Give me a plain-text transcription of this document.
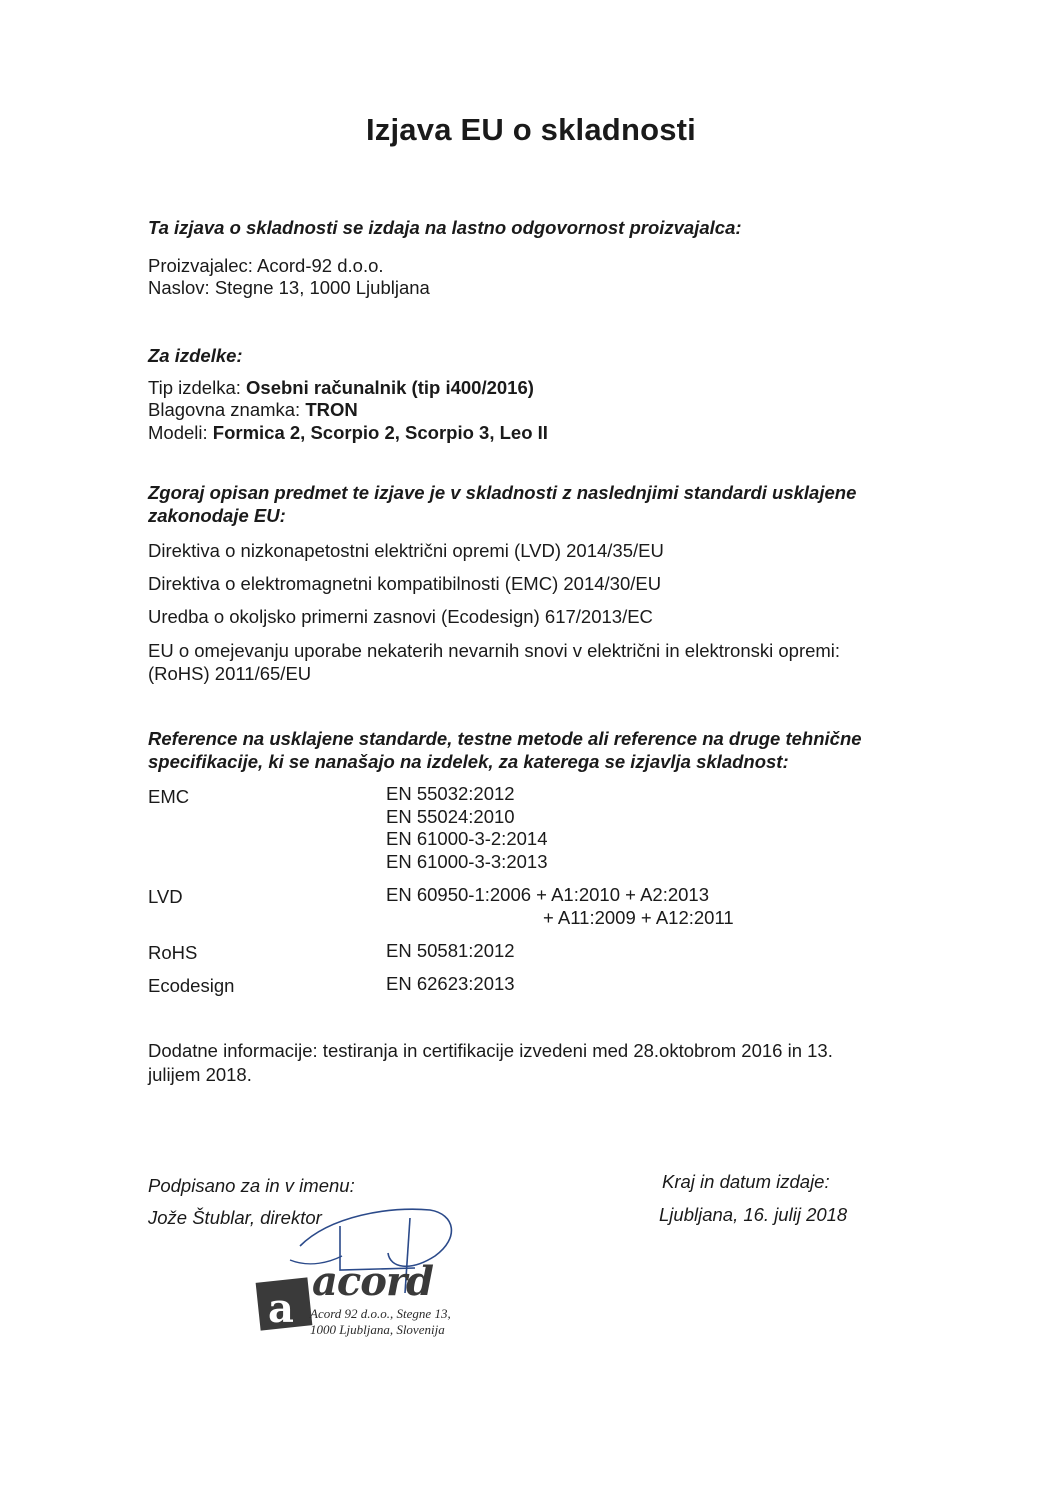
Izjava EU o skladnosti
Ta izjava o skladnosti se izdaja na lastno odgovornost proizvajalca:
Proizvajalec: Acord-92 d.o.o.
Naslov: Stegne 13, 1000 Ljubljana
Za izdelke:
Tip izdelka: Osebni računalnik (tip i400/2016)
Blagovna znamka: TRON
Modeli: Formica 2, Scorpio 2, Scorpio 3, Leo II
Zgoraj opisan predmet te izjave je v skladnosti z naslednjimi standardi usklajene
zakonodaje EU:
Direktiva o nizkonapetostni električni opremi (LVD) 2014/35/EU
Direktiva o elektromagnetni kompatibilnosti (EMC) 2014/30/EU
Uredba o okoljsko primerni zasnovi (Ecodesign) 617/2013/EC
EU o omejevanju uporabe nekaterih nevarnih snovi v električni in elektronski opremi:
(RoHS) 2011/65/EU
Reference na usklajene standarde, testne metode ali reference na druge tehnične
specifikacije, ki se nanašajo na izdelek, za katerega se izjavlja skladnost:
EMC	EN 55032:2012
EN 55024:2010
EN 61000-3-2:2014
EN 61000-3-3:2013
LVD	EN 60950-1:2006 + A1:2010 + A2:2013
+ A11:2009 + A12:2011
RoHS	EN 50581:2012
Ecodesign	EN 62623:2013
Dodatne informacije: testiranja in certifikacije izvedeni med 28.oktobrom 2016 in 13.
julijem 2018.
Podpisano za in v imenu:
Jože Štublar, direktor
Kraj in datum izdaje:
Ljubljana, 16. julij 2018
a
acord
Acord 92 d.o.o., Stegne 13,
1000 Ljubljana, Slovenija
